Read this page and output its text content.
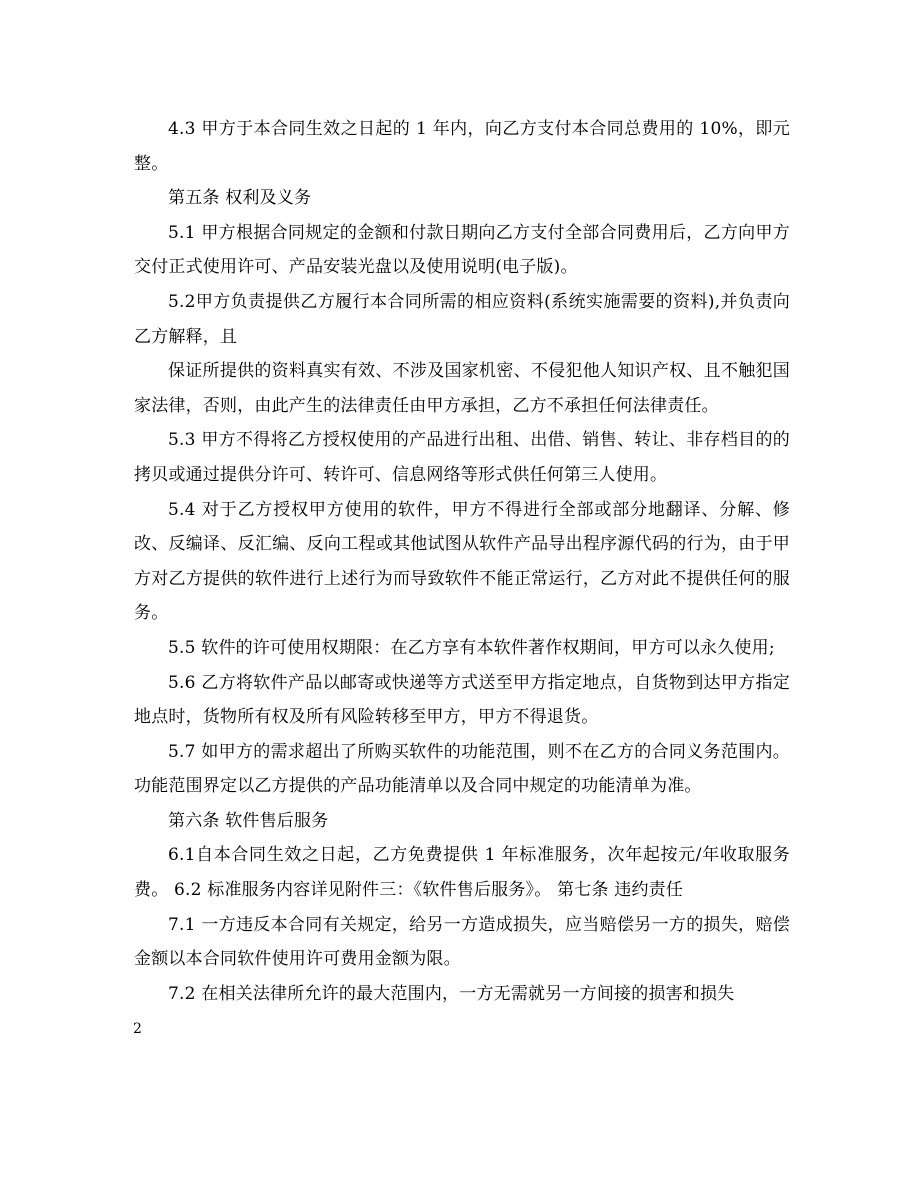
4.3 甲方于本合同生效之日起的 1 年内，向乙方支付本合同总费用的 10%，即元整。

第五条 权利及义务

5.1 甲方根据合同规定的金额和付款日期向乙方支付全部合同费用后，乙方向甲方交付正式使用许可、产品安装光盘以及使用说明(电子版)。

5.2甲方负责提供乙方履行本合同所需的相应资料(系统实施需要的资料),并负责向乙方解释，且

保证所提供的资料真实有效、不涉及国家机密、不侵犯他人知识产权、且不触犯国家法律，否则，由此产生的法律责任由甲方承担，乙方不承担任何法律责任。

5.3 甲方不得将乙方授权使用的产品进行出租、出借、销售、转让、非存档目的的拷贝或通过提供分许可、转许可、信息网络等形式供任何第三人使用。

5.4 对于乙方授权甲方使用的软件，甲方不得进行全部或部分地翻译、分解、修改、反编译、反汇编、反向工程或其他试图从软件产品导出程序源代码的行为，由于甲方对乙方提供的软件进行上述行为而导致软件不能正常运行，乙方对此不提供任何的服务。

5.5 软件的许可使用权期限：在乙方享有本软件著作权期间，甲方可以永久使用;

5.6 乙方将软件产品以邮寄或快递等方式送至甲方指定地点，自货物到达甲方指定地点时，货物所有权及所有风险转移至甲方，甲方不得退货。

5.7 如甲方的需求超出了所购买软件的功能范围，则不在乙方的合同义务范围内。功能范围界定以乙方提供的产品功能清单以及合同中规定的功能清单为准。

第六条 软件售后服务

6.1自本合同生效之日起，乙方免费提供 1 年标准服务，次年起按元/年收取服务费。 6.2 标准服务内容详见附件三：《软件售后服务》。 第七条 违约责任

7.1 一方违反本合同有关规定，给另一方造成损失，应当赔偿另一方的损失，赔偿金额以本合同软件使用许可费用金额为限。

7.2 在相关法律所允许的最大范围内，一方无需就另一方间接的损害和损失

2
